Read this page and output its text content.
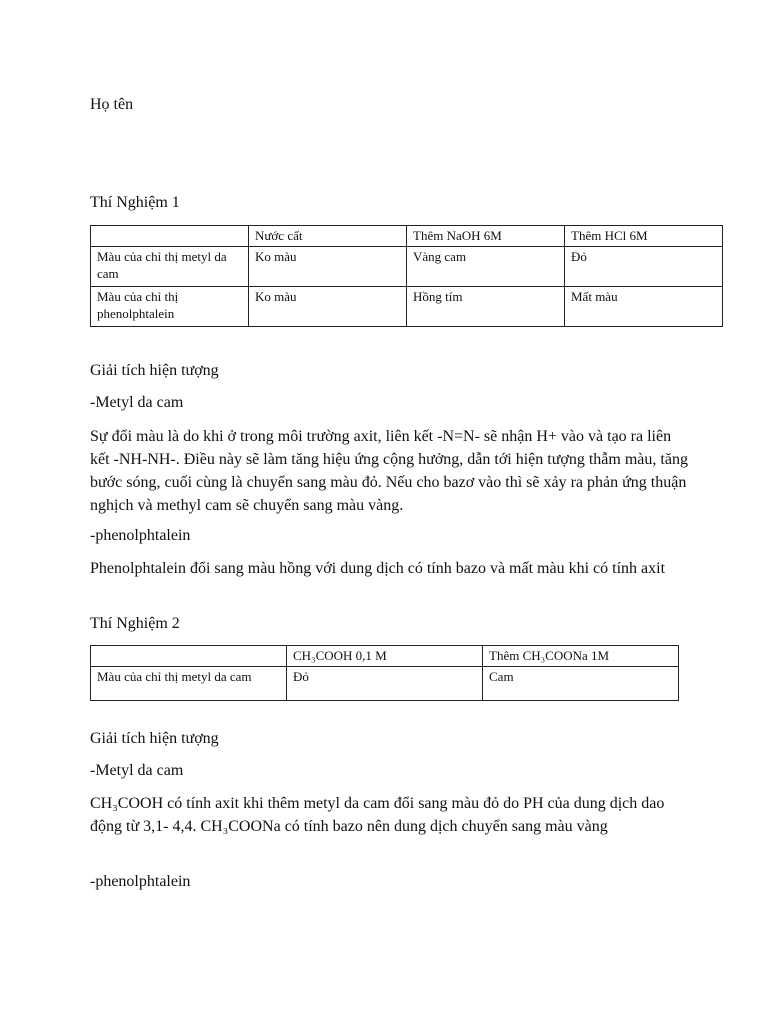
Họ tên

Thí Nghiệm 1

	Nước cất	Thêm NaOH 6M	Thêm HCl 6M
Màu của chỉ thị metyl da cam	Ko màu	Vàng cam	Đỏ
Màu của chỉ thị phenolphtalein	Ko màu	Hồng tím	Mất màu

Giải tích hiện tượng

-Metyl da cam

Sự đổi màu là do khi ở trong môi trường axit, liên kết -N=N- sẽ nhận H+ vào và tạo ra liên kết -NH-NH-. Điều này sẽ làm tăng hiệu ứng cộng hưởng, dẫn tới hiện tượng thẫm màu, tăng bước sóng, cuối cùng là chuyển sang màu đỏ. Nếu cho bazơ vào thì sẽ xảy ra phản ứng thuận nghịch và methyl cam sẽ chuyển sang màu vàng.

-phenolphtalein

Phenolphtalein đổi sang màu hồng với dung dịch có tính bazo và mất màu khi có tính axit

Thí Nghiệm 2

	CH₃COOH 0,1 M	Thêm CH₃COONa 1M
Màu của chỉ thị metyl da cam	Đỏ	Cam

Giải tích hiện tượng

-Metyl da cam

CH₃COOH có tính axit khi thêm metyl da cam đổi sang màu đỏ do PH của dung dịch dao động từ 3,1- 4,4. CH₃COONa có tính bazo nên dung dịch chuyển sang màu vàng

-phenolphtalein
